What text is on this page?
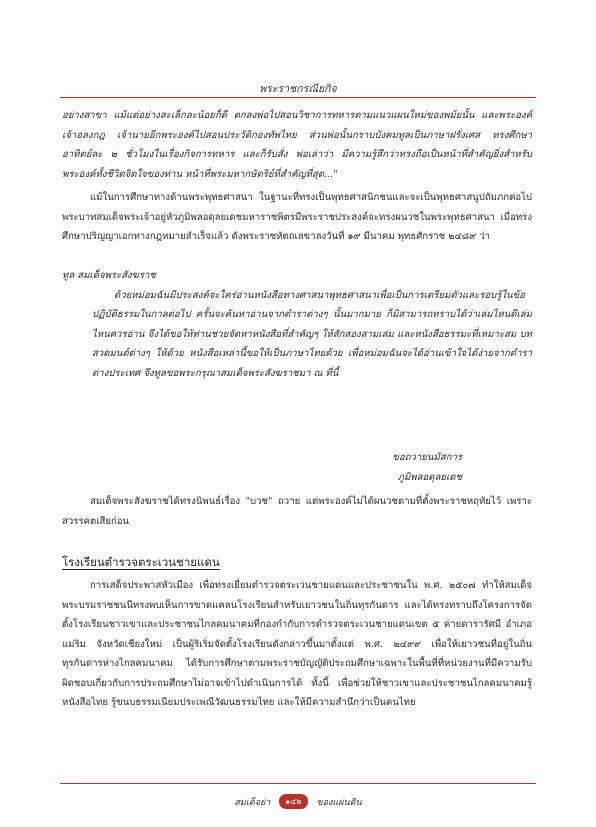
พระราชกรณียกิจ

อย่างสาขา แม้แต่อย่างละเล็กละน้อยก็ดี ตกลงพ่อไปสอนวิชาการทหารตามแนวแผนใหม่ของพม้ยนั้น และพระองค์เจ้าอลงกฎ เจ้านายอีกพระองค์ไปสอนประวัติกองทัพไทย ส่วนพ่อนั้นกราบบังคมทูลเป็นภาษาฝรั่งเศส ทรงศึกษาอาทิตย์ละ ๒ ชั่วโมงในเรื่องกิจการทหาร และก็รับสั่ง พ่อเล่าว่า มีความรู้สึกว่าทรงถือเป็นหน้าที่สำคัญยิ่งสำหรับพระองค์ทั้งชีวิตจิตใจของท่าน หน้าที่พระมหากษัตริย์ที่สำคัญที่สุด..."

แม้ในการศึกษาทางด้านพระพุทธศาสนา ในฐานะที่ทรงเป็นพุทธศาสนิกชนและจะเป็นพุทธศาสนูปถัมภกต่อไป พระบาทสมเด็จพระเจ้าอยู่หัวภูมิพลอดุลยเดชมหาราชพิตรมีพระราชประสงค์จะทรงผนวชในพระพุทธศาสนา เมื่อทรงศึกษาปริญญาเอกทางกฎหมายสำเร็จแล้ว ดังพระราชหัตถเลขาลงวันที่ ๑๙ มีนาคม พุทธศักราช ๒๔๘๙ ว่า

ทูล สมเด็จพระสังฆราช

ด้วยหม่อมฉันมีประสงค์จะใคร่อ่านหนังสือทางศาสนาพุทธศาสนาเพื่อเป็นการเตรียมตัวและรอบรู้ในข้อปฏิบัติธรรมในกาลต่อไป ครั้นจะค้นหาอ่านจากตำราต่างๆ นั้นมากมาย ก็มิสามารถทราบได้ว่าเล่มไหนดีเล่มไหนควรอ่าน จึงได้ขอให้ท่านช่วยจัดหาหนังสือที่สำคัญๆ ให้สักสองสามเล่ม และหนังสือธรรมะที่เหมาะสม บทสวดมนต์ต่างๆ ให้ด้วย หนังสือเหล่านี้ขอให้เป็นภาษาไทยด้วย เพื่อหม่อมฉันจะได้อ่านเข้าใจได้ง่ายจากตำราต่างประเทศ จึงทูลขอพระกรุณาสมเด็จพระสังฆราชมา ณ ที่นี้

ขอถวายนมัสการ

ภูมิพลอดุลยเดช

สมเด็จพระสังฆราชได้ทรงนิพนธ์เรื่อง "บวช" ถวาย แต่พระองค์ไม่ได้ผนวชตามที่ตั้งพระราชหฤทัยไว้ เพราะสวรรคตเสียก่อน

โรงเรียนตำรวจตระเวนชายแดน

การเสด็จประพาสหัวเมือง เพื่อทรงเยี่ยมตำรวจตระเวนชายแดนและประชาชนใน พ.ศ. ๒๕๐๗ ทำให้สมเด็จพระบรมราชชนนีทรงพบเห็นการขาดแคลนโรงเรียนสำหรับเยาวชนในถิ่นทุรกันดาร และได้ทรงทราบถึงโครงการจัดตั้งโรงเรียนชาวเขาและประชาชนไกลคมนาคมที่กองกำกับการตำรวจตระเวนชายแดนเขต ๕ ค่ายดารารัศมี อำเภอแม่ริม จังหวัดเชียงใหม่ เป็นผู้ริเริ่มจัดตั้งโรงเรียนดังกล่าวขึ้นมาตั้งแต่ พ.ศ. ๒๔๙๙ เพื่อให้เยาวชนที่อยู่ในถิ่นทุรกันดารห่างไกลคมนาคม ได้รับการศึกษาตามพระราชบัญญัติประถมศึกษาเฉพาะในพื้นที่ที่หน่วยงานที่มีความรับผิดชอบเกี่ยวกับการประถมศึกษาไม่อาจเข้าไปดำเนินการได้ ทั้งนี้ เพื่อช่วยให้ชาวเขาและประชาชนไกลคมนาคมรู้หนังสือไทย รู้ขนบธรรมเนียมประเพณีวัฒนธรรมไทย และให้มีความสำนึกว่าเป็นคนไทย

สมเด็จย่า ๑๔๒ ของแผ่นดิน
